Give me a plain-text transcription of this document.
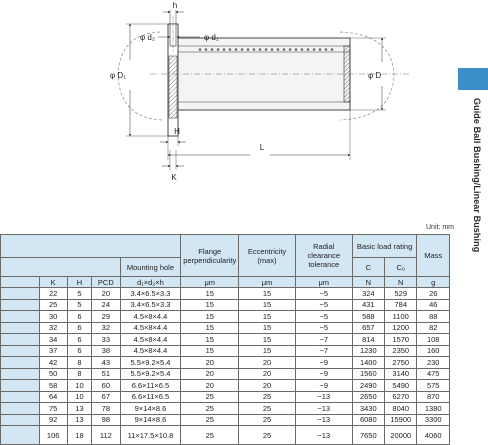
h
φ d₂	φ d₁
φ D₁	φ D
H
L
K	Guide Ball Bushing/Linear Bushing
Unit: mm
					Flange perpendicularity	Eccentricity (max)	Radial clearance tolerance	Basic load rating		Mass
				Mounting hole				C	C₀	
	K	H	PCD	d₁×d₂×h	μm	μm	μm	N	N	g
	22	5	20	3.4×6.5×3.3	15	15	−5	324	529	26
	25	5	24	3.4×6.5×3.3	15	15	−5	431	784	46
	30	6	29	4.5×8×4.4	15	15	−5	588	1100	88
	32	6	32	4.5×8×4.4	15	15	−5	657	1200	82
	34	6	33	4.5×8×4.4	15	15	−7	814	1570	108
	37	6	38	4.5×8×4.4	15	15	−7	1230	2350	160
	42	8	43	5.5×9.2×5.4	20	20	−9	1400	2750	230
	50	8	51	5.5×9.2×5.4	20	20	−9	1560	3140	475
	58	10	60	6.6×11×6.5	20	20	−9	2490	5490	575
	64	10	67	6.6×11×6.5	25	25	−13	2650	6270	870
	75	13	78	9×14×8.6	25	25	−13	3430	8040	1380
	92	13	98	9×14×8.6	25	25	−13	6080	15900	3300
	106	18	112	11×17.5×10.8	25	25	−13	7650	20000	4060
